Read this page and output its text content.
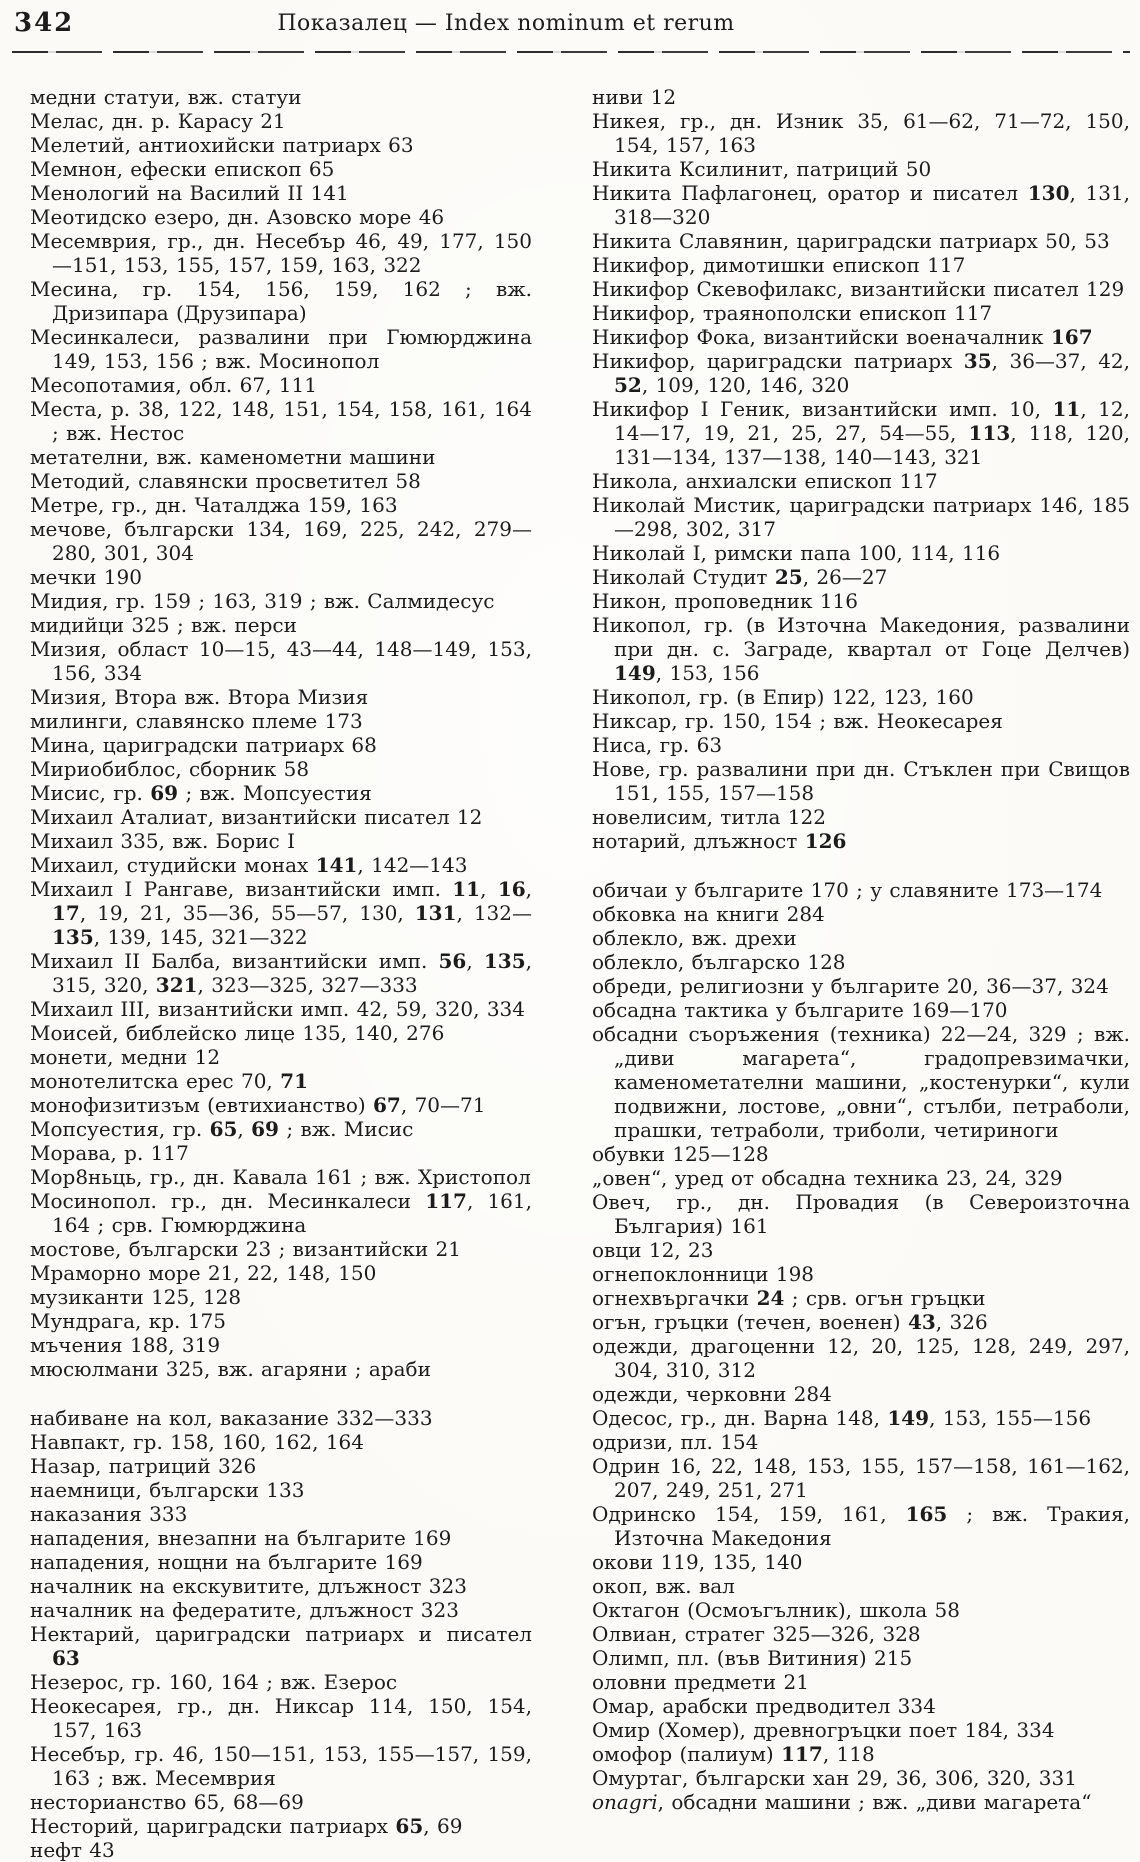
342	Показалец — Index nominum et rerum

медни статуи, вж. статуи

Мелас, дн. р. Карасу 21

Мелетий, антиохийски патриарх 63

Мемнон, ефески епископ 65

Менологий на Василий II 141

Меотидско езеро, дн. Азовско море 46

Месемврия, гр., дн. Несебър 46, 49, 177, 150—151, 153, 155, 157, 159, 163, 322

Месина, гр. 154, 156, 159, 162 ; вж. Дризипара (Друзипара)

Месинкалеси, развалини при Гюмюрджина 149, 153, 156 ; вж. Мосинопол

Месопотамия, обл. 67, 111

Места, р. 38, 122, 148, 151, 154, 158, 161, 164 ; вж. Нестос

метателни, вж. каменометни машини

Методий, славянски просветител 58

Метре, гр., дн. Чаталджа 159, 163

мечове, български 134, 169, 225, 242, 279—280, 301, 304

мечки 190

Мидия, гр. 159 ; 163, 319 ; вж. Салмидесус

мидийци 325 ; вж. перси

Мизия, област 10—15, 43—44, 148—149, 153, 156, 334

Мизия, Втора вж. Втора Мизия

милинги, славянско племе 173

Мина, цариградски патриарх 68

Мириобиблос, сборник 58

Мисис, гр. 69 ; вж. Мопсуестия

Михаил Аталиат, византийски писател 12

Михаил 335, вж. Борис I

Михаил, студийски монах 141, 142—143

Михаил I Рангаве, византийски имп. 11, 16, 17, 19, 21, 35—36, 55—57, 130, 131, 132—135, 139, 145, 321—322

Михаил II Балба, византийски имп. 56, 135, 315, 320, 321, 323—325, 327—333

Михаил III, византийски имп. 42, 59, 320, 334

Моисей, библейско лице 135, 140, 276

монети, медни 12

монотелитска ерес 70, 71

монофизитизъм (евтихианство) 67, 70—71

Мопсуестия, гр. 65, 69 ; вж. Мисис

Морава, р. 117

Мор8ньць, гр., дн. Кавала 161 ; вж. Христопол

Мосинопол. гр., дн. Месинкалеси 117, 161, 164 ; срв. Гюмюрджина

мостове, български 23 ; византийски 21

Мраморно море 21, 22, 148, 150

музиканти 125, 128

Мундрага, кр. 175

мъчения 188, 319

мюсюлмани 325, вж. агаряни ; араби

набиване на кол, ваказание 332—333

Навпакт, гр. 158, 160, 162, 164

Назар, патриций 326

наемници, български 133

наказания 333

нападения, внезапни на българите 169

нападения, нощни на българите 169

началник на екскувитите, длъжност 323

началник на федератите, длъжност 323

Нектарий, цариградски патриарх и писател 63

Незерос, гр. 160, 164 ; вж. Езерос

Неокесарея, гр., дн. Никсар 114, 150, 154, 157, 163

Несебър, гр. 46, 150—151, 153, 155—157, 159, 163 ; вж. Месемврия

несторианство 65, 68—69

Несторий, цариградски патриарх 65, 69

нефт 43

ниви 12

Никея, гр., дн. Изник 35, 61—62, 71—72, 150, 154, 157, 163

Никита Ксилинит, патриций 50

Никита Пафлагонец, оратор и писател 130, 131, 318—320

Никита Славянин, цариградски патриарх 50, 53

Никифор, димотишки епископ 117

Никифор Скевофилакс, византийски писател 129

Никифор, траянополски епископ 117

Никифор Фока, византийски военачалник 167

Никифор, цариградски патриарх 35, 36—37, 42, 52, 109, 120, 146, 320

Никифор I Геник, византийски имп. 10, 11, 12, 14—17, 19, 21, 25, 27, 54—55, 113, 118, 120, 131—134, 137—138, 140—143, 321

Никола, анхиалски епископ 117

Николай Мистик, цариградски патриарх 146, 185—298, 302, 317

Николай I, римски папа 100, 114, 116

Николай Студит 25, 26—27

Никон, проповедник 116

Никопол, гр. (в Източна Македония, развалини при дн. с. Заграде, квартал от Гоце Делчев) 149, 153, 156

Никопол, гр. (в Епир) 122, 123, 160

Никсар, гр. 150, 154 ; вж. Неокесарея

Ниса, гр. 63

Нове, гр. развалини при дн. Стъклен при Свищов 151, 155, 157—158

новелисим, титла 122

нотарий, длъжност 126

обичаи у българите 170 ; у славяните 173—174

обковка на книги 284

облекло, вж. дрехи

облекло, българско 128

обреди, религиозни у българите 20, 36—37, 324

обсадна тактика у българите 169—170

обсадни съоръжения (техника) 22—24, 329 ; вж. „диви магарета“, градопревзимачки, каменометателни машини, „костенурки“, кули подвижни, лостове, „овни“, стълби, петраболи, прашки, тетраболи, триболи, четириноги

обувки 125—128

„овен“, уред от обсадна техника 23, 24, 329

Овеч, гр., дн. Провадия (в Североизточна България) 161

овци 12, 23

огнепоклонници 198

огнехвъргачки 24 ; срв. огън гръцки

огън, гръцки (течен, военен) 43, 326

одежди, драгоценни 12, 20, 125, 128, 249, 297, 304, 310, 312

одежди, черковни 284

Одесос, гр., дн. Варна 148, 149, 153, 155—156

одризи, пл. 154

Одрин 16, 22, 148, 153, 155, 157—158, 161—162, 207, 249, 251, 271

Одринско 154, 159, 161, 165 ; вж. Тракия, Източна Македония

окови 119, 135, 140

окоп, вж. вал

Октагон (Осмоъгълник), школа 58

Олвиан, стратег 325—326, 328

Олимп, пл. (във Витиния) 215

оловни предмети 21

Омар, арабски предводител 334

Омир (Хомер), древногръцки поет 184, 334

омофор (палиум) 117, 118

Омуртаг, български хан 29, 36, 306, 320, 331

onagri, обсадни машини ; вж. „диви магарета“
